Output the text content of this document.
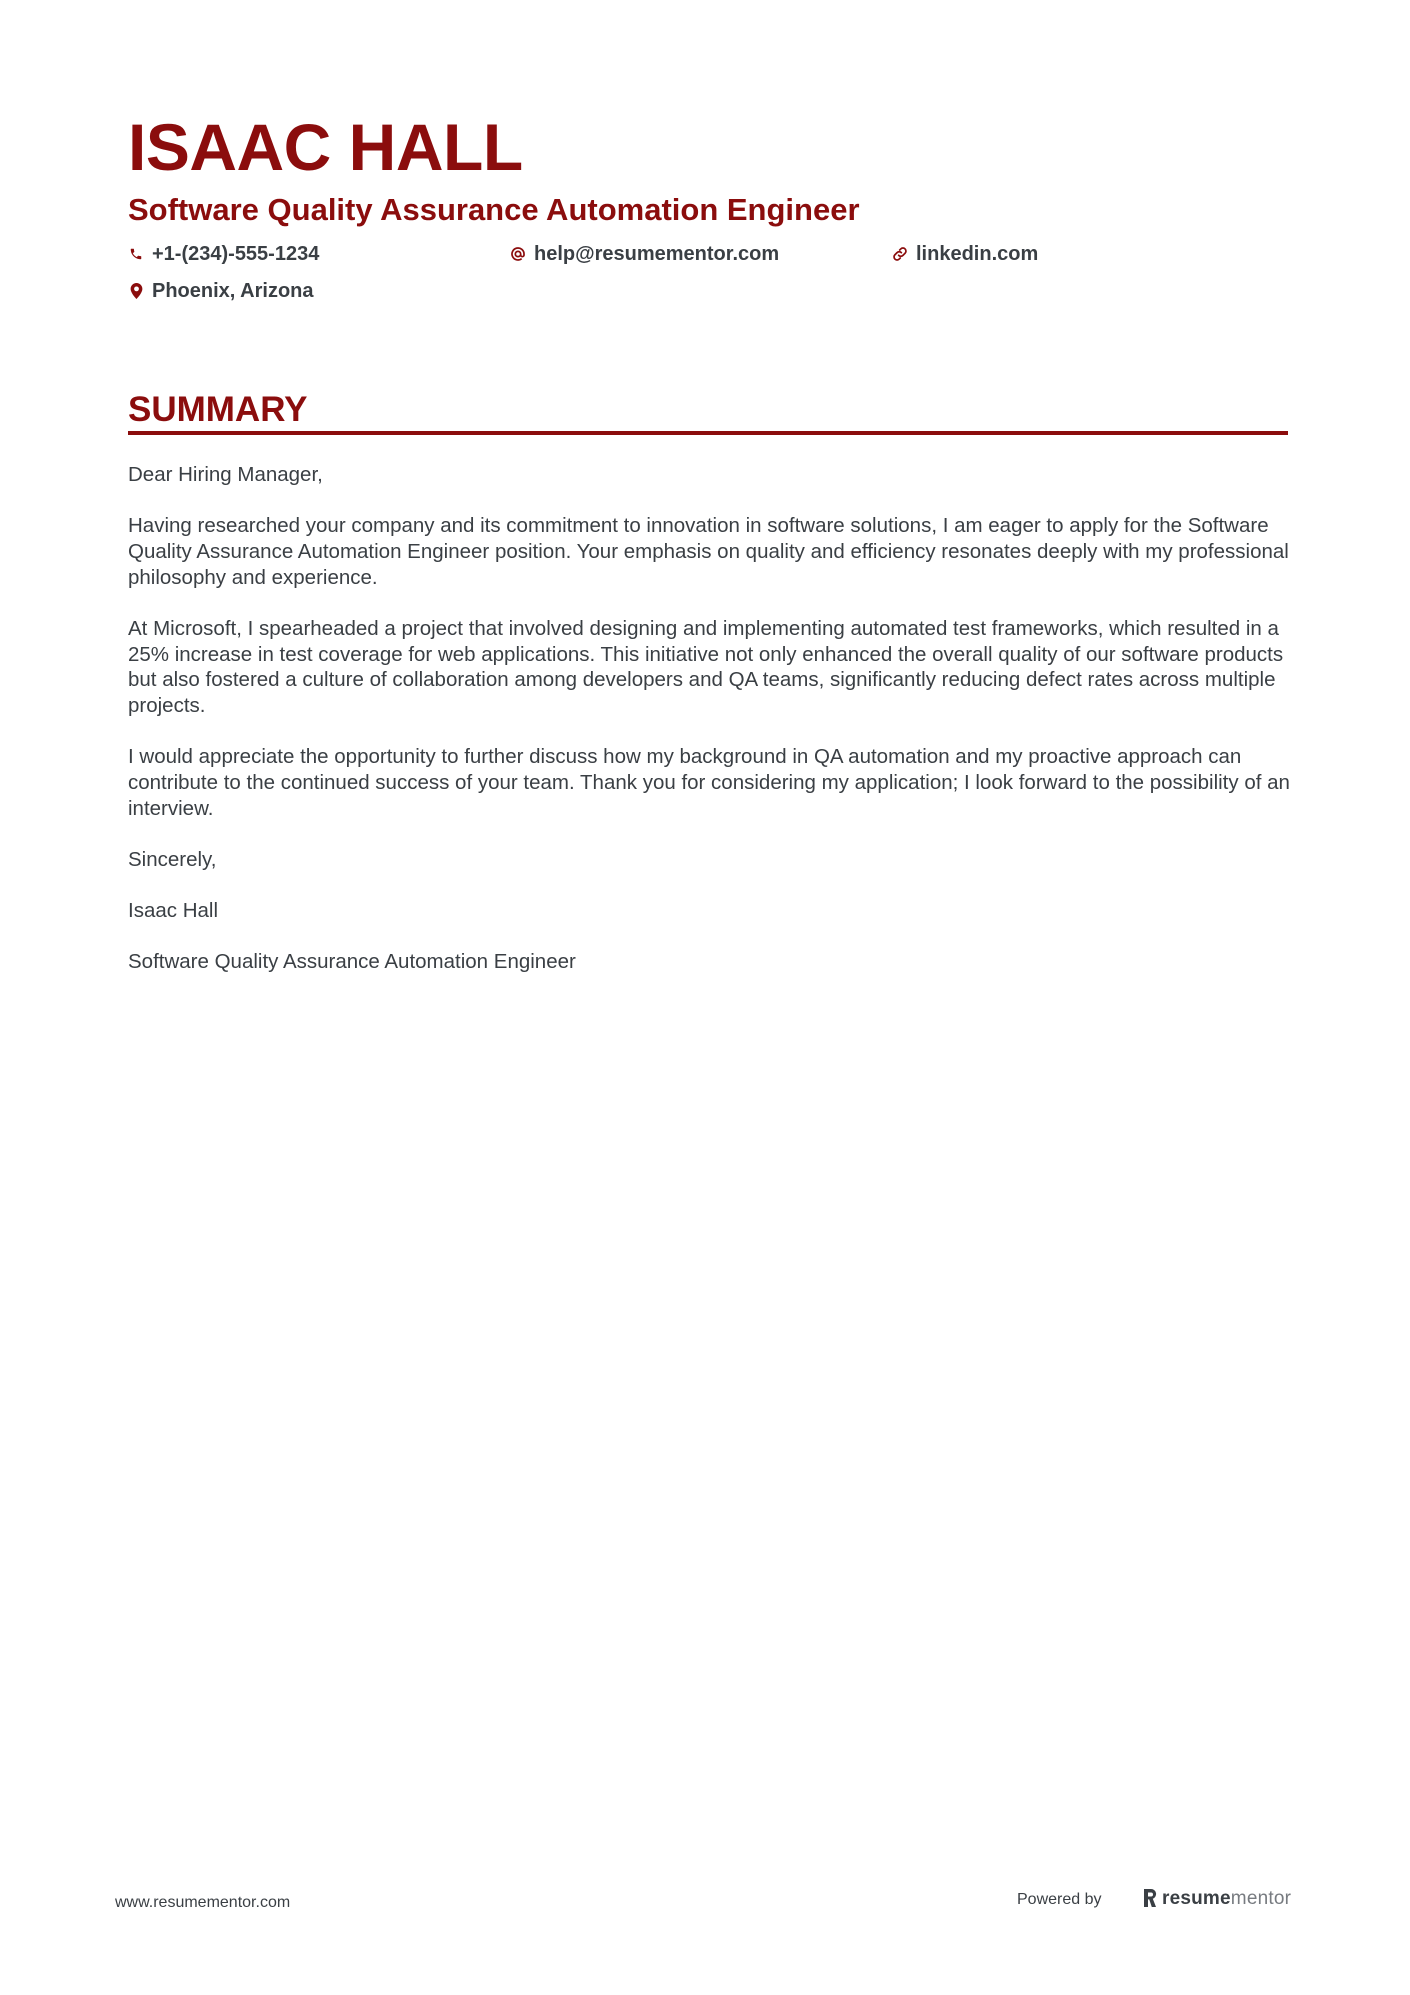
ISAAC HALL
Software Quality Assurance Automation Engineer
+1-(234)-555-1234	help@resumementor.com	linkedin.com
Phoenix, Arizona
SUMMARY

Dear Hiring Manager,

Having researched your company and its commitment to innovation in software solutions, I am eager to apply for the Software Quality Assurance Automation Engineer position. Your emphasis on quality and efficiency resonates deeply with my professional philosophy and experience.

At Microsoft, I spearheaded a project that involved designing and implementing automated test frameworks, which resulted in a 25% increase in test coverage for web applications. This initiative not only enhanced the overall quality of our software products but also fostered a culture of collaboration among developers and QA teams, significantly reducing defect rates across multiple projects.

I would appreciate the opportunity to further discuss how my background in QA automation and my proactive approach can contribute to the continued success of your team. Thank you for considering my application; I look forward to the possibility of an interview.

Sincerely,

Isaac Hall

Software Quality Assurance Automation Engineer

www.resumementor.com	Powered by	resumementor
